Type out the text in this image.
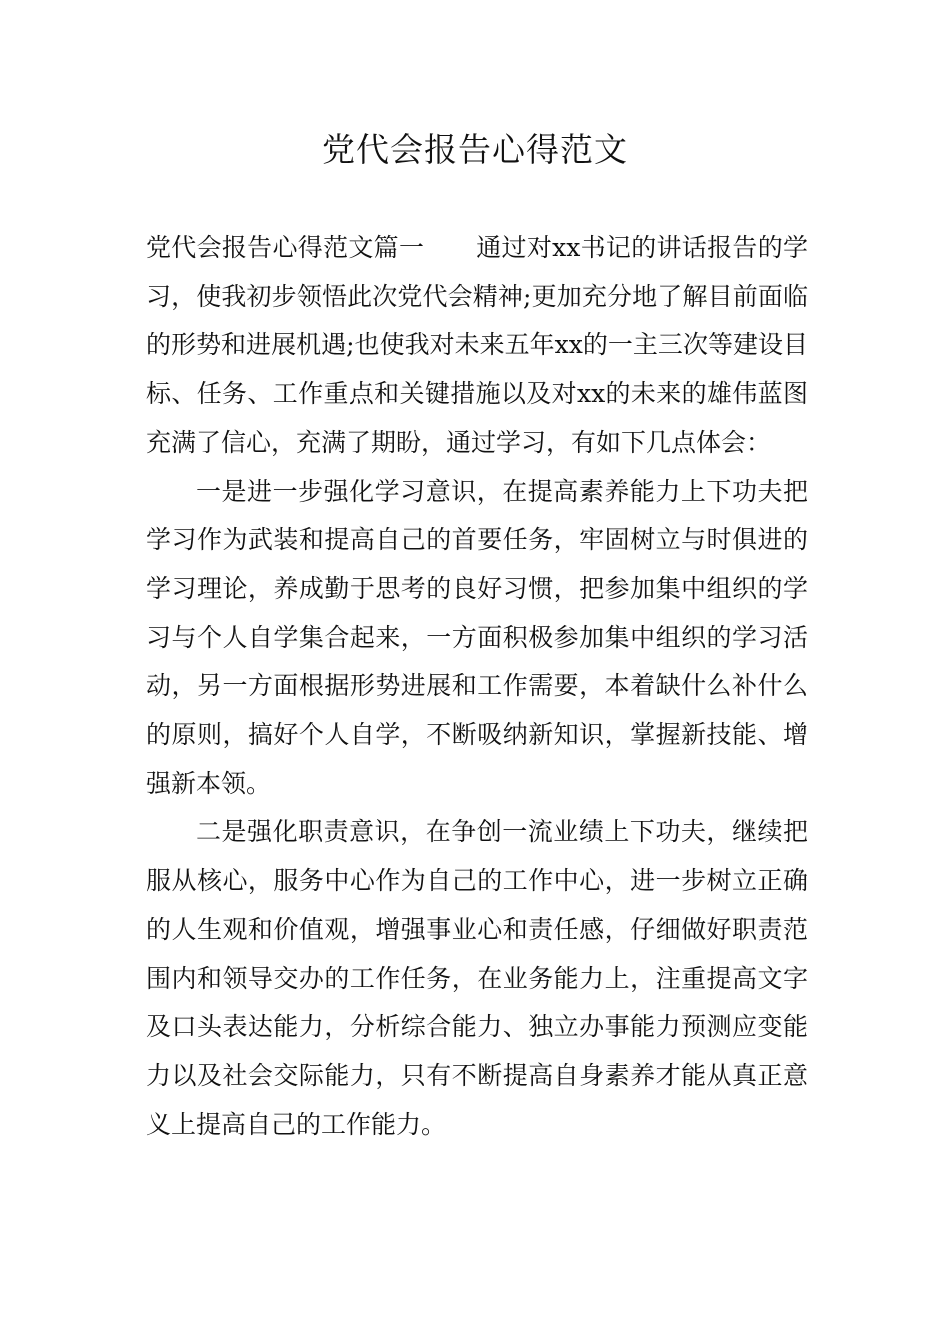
党代会报告心得范文

党代会报告心得范文篇一 通过对xx书记的讲话报告的学习，使我初步领悟此次党代会精神;更加充分地了解目前面临的形势和进展机遇;也使我对未来五年xx的一主三次等建设目标、任务、工作重点和关键措施以及对xx的未来的雄伟蓝图充满了信心，充满了期盼，通过学习，有如下几点体会：

一是进一步强化学习意识，在提高素养能力上下功夫把学习作为武装和提高自己的首要任务，牢固树立与时俱进的学习理论，养成勤于思考的良好习惯，把参加集中组织的学习与个人自学集合起来，一方面积极参加集中组织的学习活动，另一方面根据形势进展和工作需要，本着缺什么补什么的原则，搞好个人自学，不断吸纳新知识，掌握新技能、增强新本领。

二是强化职责意识，在争创一流业绩上下功夫，继续把服从核心，服务中心作为自己的工作中心，进一步树立正确的人生观和价值观，增强事业心和责任感，仔细做好职责范围内和领导交办的工作任务，在业务能力上，注重提高文字及口头表达能力，分析综合能力、独立办事能力预测应变能力以及社会交际能力，只有不断提高自身素养才能从真正意义上提高自己的工作能力。
